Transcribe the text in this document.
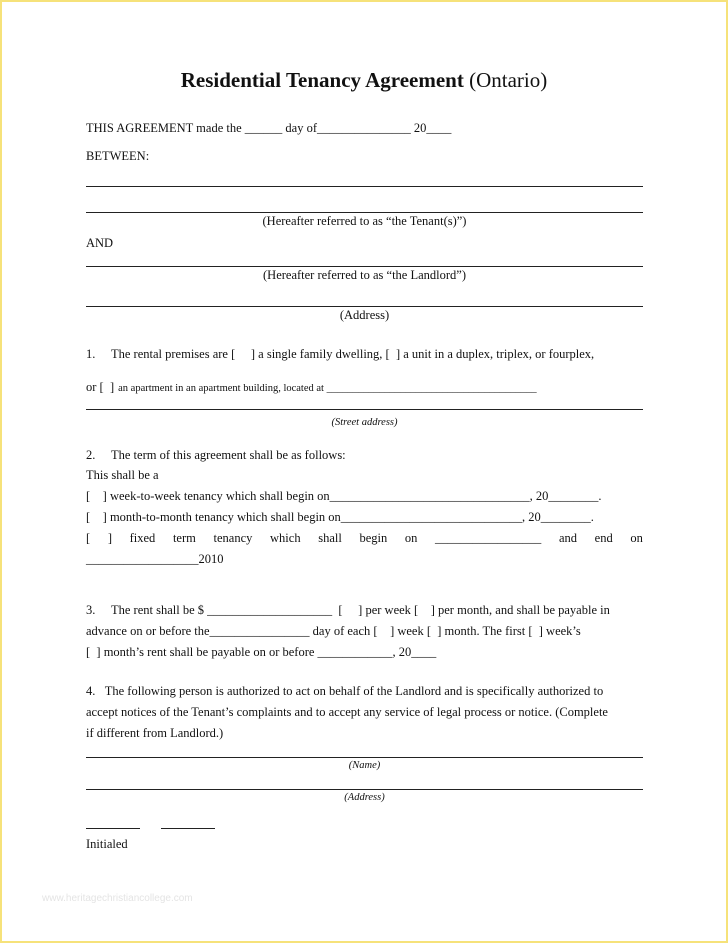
Residential Tenancy Agreement (Ontario)
THIS AGREEMENT made the ______ day of_______________ 20____
BETWEEN:
(Hereafter referred to as “the Tenant(s)”)
AND
(Hereafter referred to as “the Landlord”)
(Address)
1.     The rental premises are [     ] a single family dwelling, [  ] a unit in a duplex, triplex, or fourplex,
or [  ] an apartment in an apartment building, located at ________________________________________
(Street address)
2.     The term of this agreement shall be as follows:
This shall be a
[    ] week-to-week tenancy which shall begin on________________________________, 20________.
[    ] month-to-month tenancy which shall begin on_____________________________, 20________.
[ ] fixed term tenancy which shall begin on _________________ and end on
__________________2010
3.     The rent shall be $ ____________________  [     ] per week [    ] per month, and shall be payable in
advance on or before the________________ day of each [    ] week [  ] month. The first [  ] week’s
[  ] month’s rent shall be payable on or before ____________, 20____
4.   The following person is authorized to act on behalf of the Landlord and is specifically authorized to
accept notices of the Tenant’s complaints and to accept any service of legal process or notice. (Complete
if different from Landlord.)
(Name)
(Address)
Initialed
www.heritagechristiancollege.com
